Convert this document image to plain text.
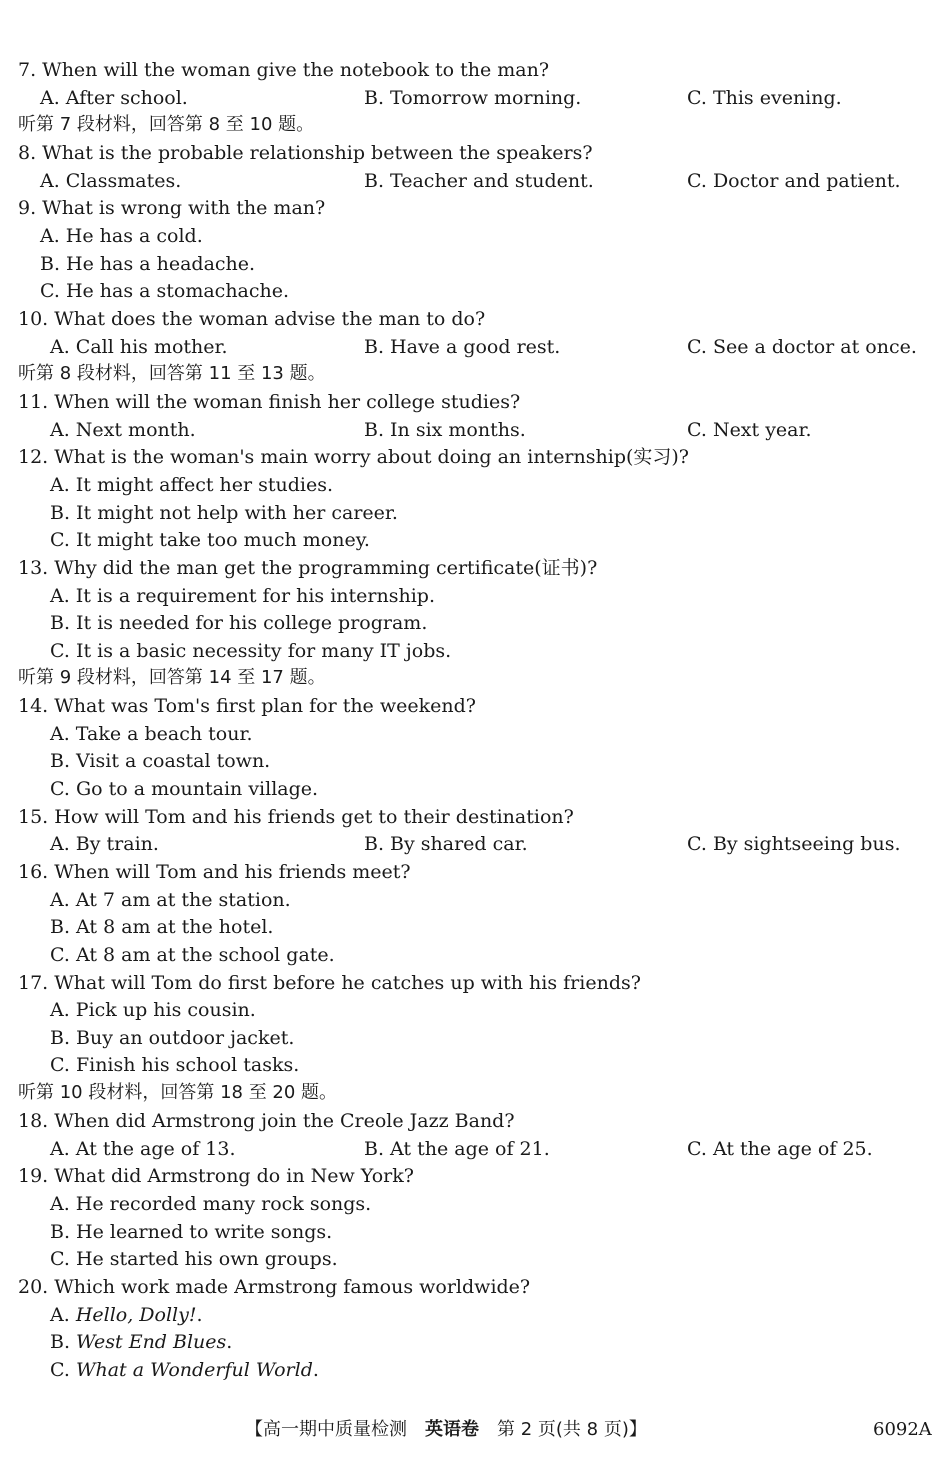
7. When will the woman give the notebook to the man?
A. After school.	B. Tomorrow morning.	C. This evening.
听第 7 段材料，回答第 8 至 10 题。
8. What is the probable relationship between the speakers?
A. Classmates.	B. Teacher and student.	C. Doctor and patient.
9. What is wrong with the man?
A. He has a cold.
B. He has a headache.
C. He has a stomachache.
10. What does the woman advise the man to do?
A. Call his mother.	B. Have a good rest.	C. See a doctor at once.
听第 8 段材料，回答第 11 至 13 题。
11. When will the woman finish her college studies?
A. Next month.	B. In six months.	C. Next year.
12. What is the woman's main worry about doing an internship(实习)?
A. It might affect her studies.
B. It might not help with her career.
C. It might take too much money.
13. Why did the man get the programming certificate(证书)?
A. It is a requirement for his internship.
B. It is needed for his college program.
C. It is a basic necessity for many IT jobs.
听第 9 段材料，回答第 14 至 17 题。
14. What was Tom's first plan for the weekend?
A. Take a beach tour.
B. Visit a coastal town.
C. Go to a mountain village.
15. How will Tom and his friends get to their destination?
A. By train.	B. By shared car.	C. By sightseeing bus.
16. When will Tom and his friends meet?
A. At 7 am at the station.
B. At 8 am at the hotel.
C. At 8 am at the school gate.
17. What will Tom do first before he catches up with his friends?
A. Pick up his cousin.
B. Buy an outdoor jacket.
C. Finish his school tasks.
听第 10 段材料，回答第 18 至 20 题。
18. When did Armstrong join the Creole Jazz Band?
A. At the age of 13.	B. At the age of 21.	C. At the age of 25.
19. What did Armstrong do in New York?
A. He recorded many rock songs.
B. He learned to write songs.
C. He started his own groups.
20. Which work made Armstrong famous worldwide?
A. Hello, Dolly!.
B. West End Blues.
C. What a Wonderful World.
【高一期中质量检测　英语卷　第 2 页(共 8 页)】	6092A
